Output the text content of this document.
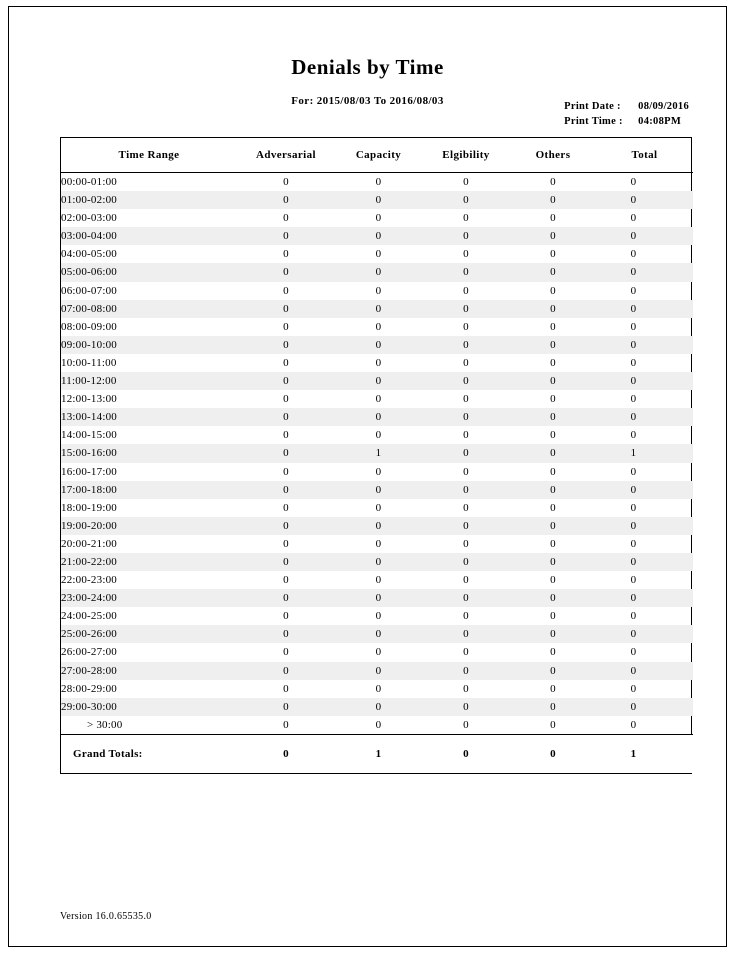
Denials by Time
For: 2015/08/03 To 2016/08/03	Print Date :	08/09/2016
Print Time :	04:08PM
Time Range	Adversarial	Capacity	Elgibility	Others	Total
00:00-01:00	0	0	0	0	0
01:00-02:00	0	0	0	0	0
02:00-03:00	0	0	0	0	0
03:00-04:00	0	0	0	0	0
04:00-05:00	0	0	0	0	0
05:00-06:00	0	0	0	0	0
06:00-07:00	0	0	0	0	0
07:00-08:00	0	0	0	0	0
08:00-09:00	0	0	0	0	0
09:00-10:00	0	0	0	0	0
10:00-11:00	0	0	0	0	0
11:00-12:00	0	0	0	0	0
12:00-13:00	0	0	0	0	0
13:00-14:00	0	0	0	0	0
14:00-15:00	0	0	0	0	0
15:00-16:00	0	1	0	0	1
16:00-17:00	0	0	0	0	0
17:00-18:00	0	0	0	0	0
18:00-19:00	0	0	0	0	0
19:00-20:00	0	0	0	0	0
20:00-21:00	0	0	0	0	0
21:00-22:00	0	0	0	0	0
22:00-23:00	0	0	0	0	0
23:00-24:00	0	0	0	0	0
24:00-25:00	0	0	0	0	0
25:00-26:00	0	0	0	0	0
26:00-27:00	0	0	0	0	0
27:00-28:00	0	0	0	0	0
28:00-29:00	0	0	0	0	0
29:00-30:00	0	0	0	0	0
> 30:00	0	0	0	0	0
Grand Totals:	0	1	0	0	1
Version 16.0.65535.0
